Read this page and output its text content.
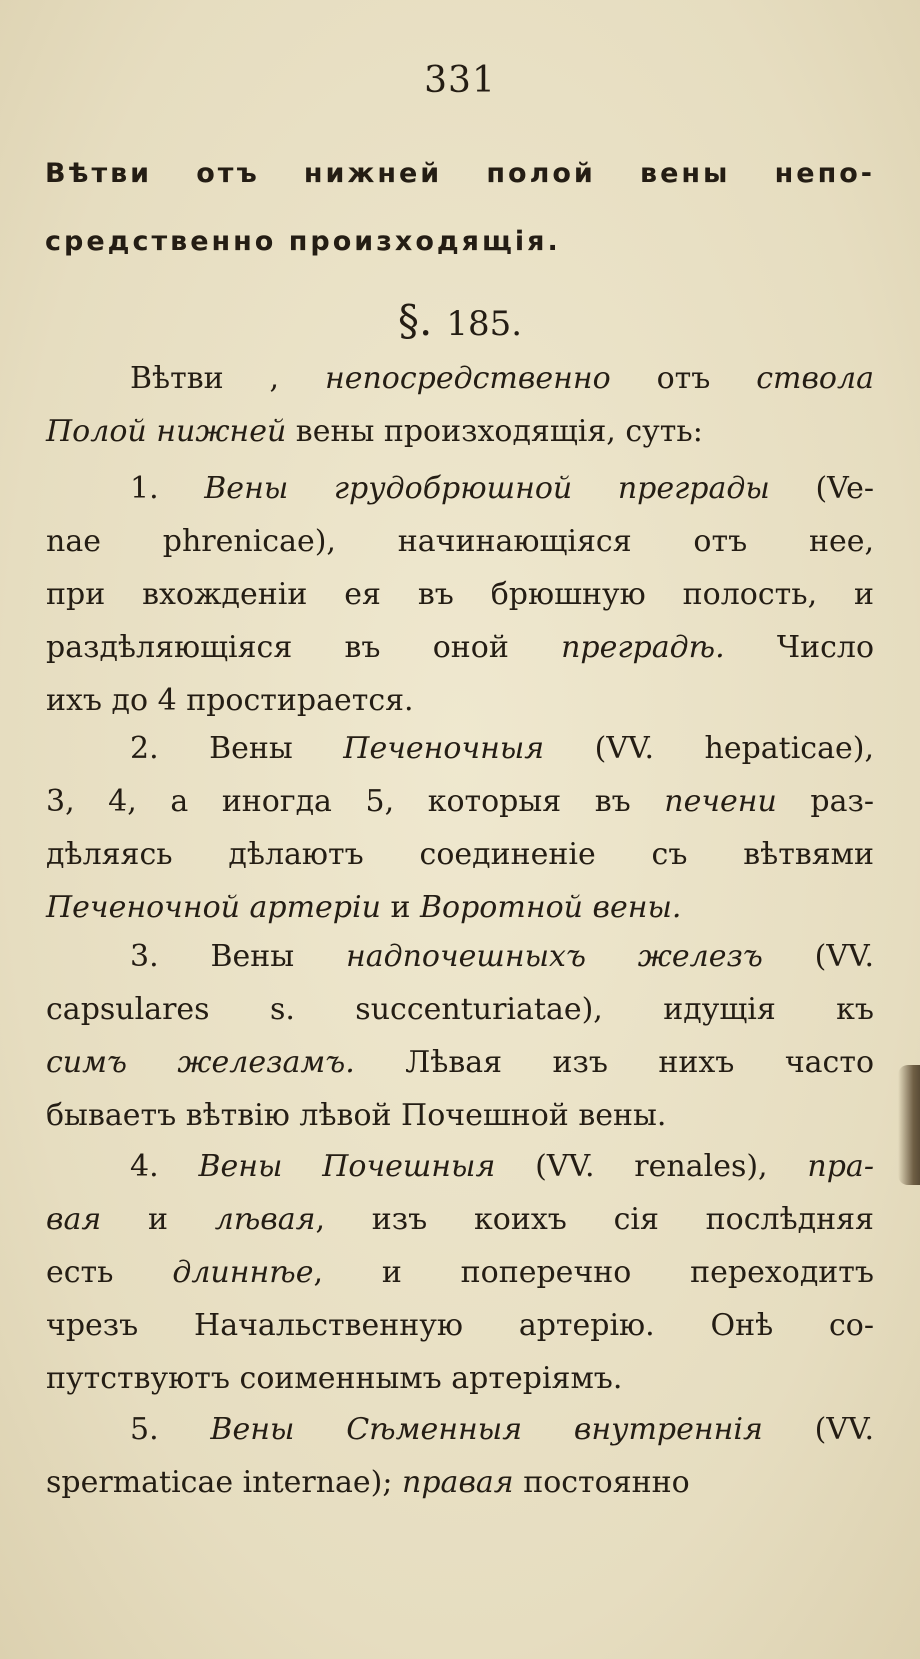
331
Вѣтви отъ нижней полой вены непо-
средственно произходящія.
§. 185.
Вѣтви , непосредственно отъ ствола
Полой нижней вены произходящія, суть:
1. Вены грудобрюшной преграды (Ve-
nae phrenicae), начинающіяся отъ нее,
при вхожденіи ея въ брюшную полость, и
раздѣляющіяся въ оной преградѣ. Число
ихъ до 4 простирается.
2. Вены Печеночныя (VV. hepaticae),
3, 4, а иногда 5, которыя въ печени раз-
дѣляясь дѣлаютъ соединеніе съ вѣтвями
Печеночной артеріи и Воротной вены.
3. Вены надпочешныхъ железъ (VV.
capsulares s. succenturiatae), идущія къ
симъ железамъ. Лѣвая изъ нихъ часто
бываетъ вѣтвію лѣвой Почешной вены.
4. Вены Почешныя (VV. renales), пра-
вая и лѣвая, изъ коихъ сія послѣдняя
есть длиннѣе, и поперечно переходитъ
чрезъ Начальственную артерію. Онѣ со-
путствуютъ соименнымъ артеріямъ.
5. Вены Сѣменныя внутреннія (VV.
spermaticae internae); правая постоянно
